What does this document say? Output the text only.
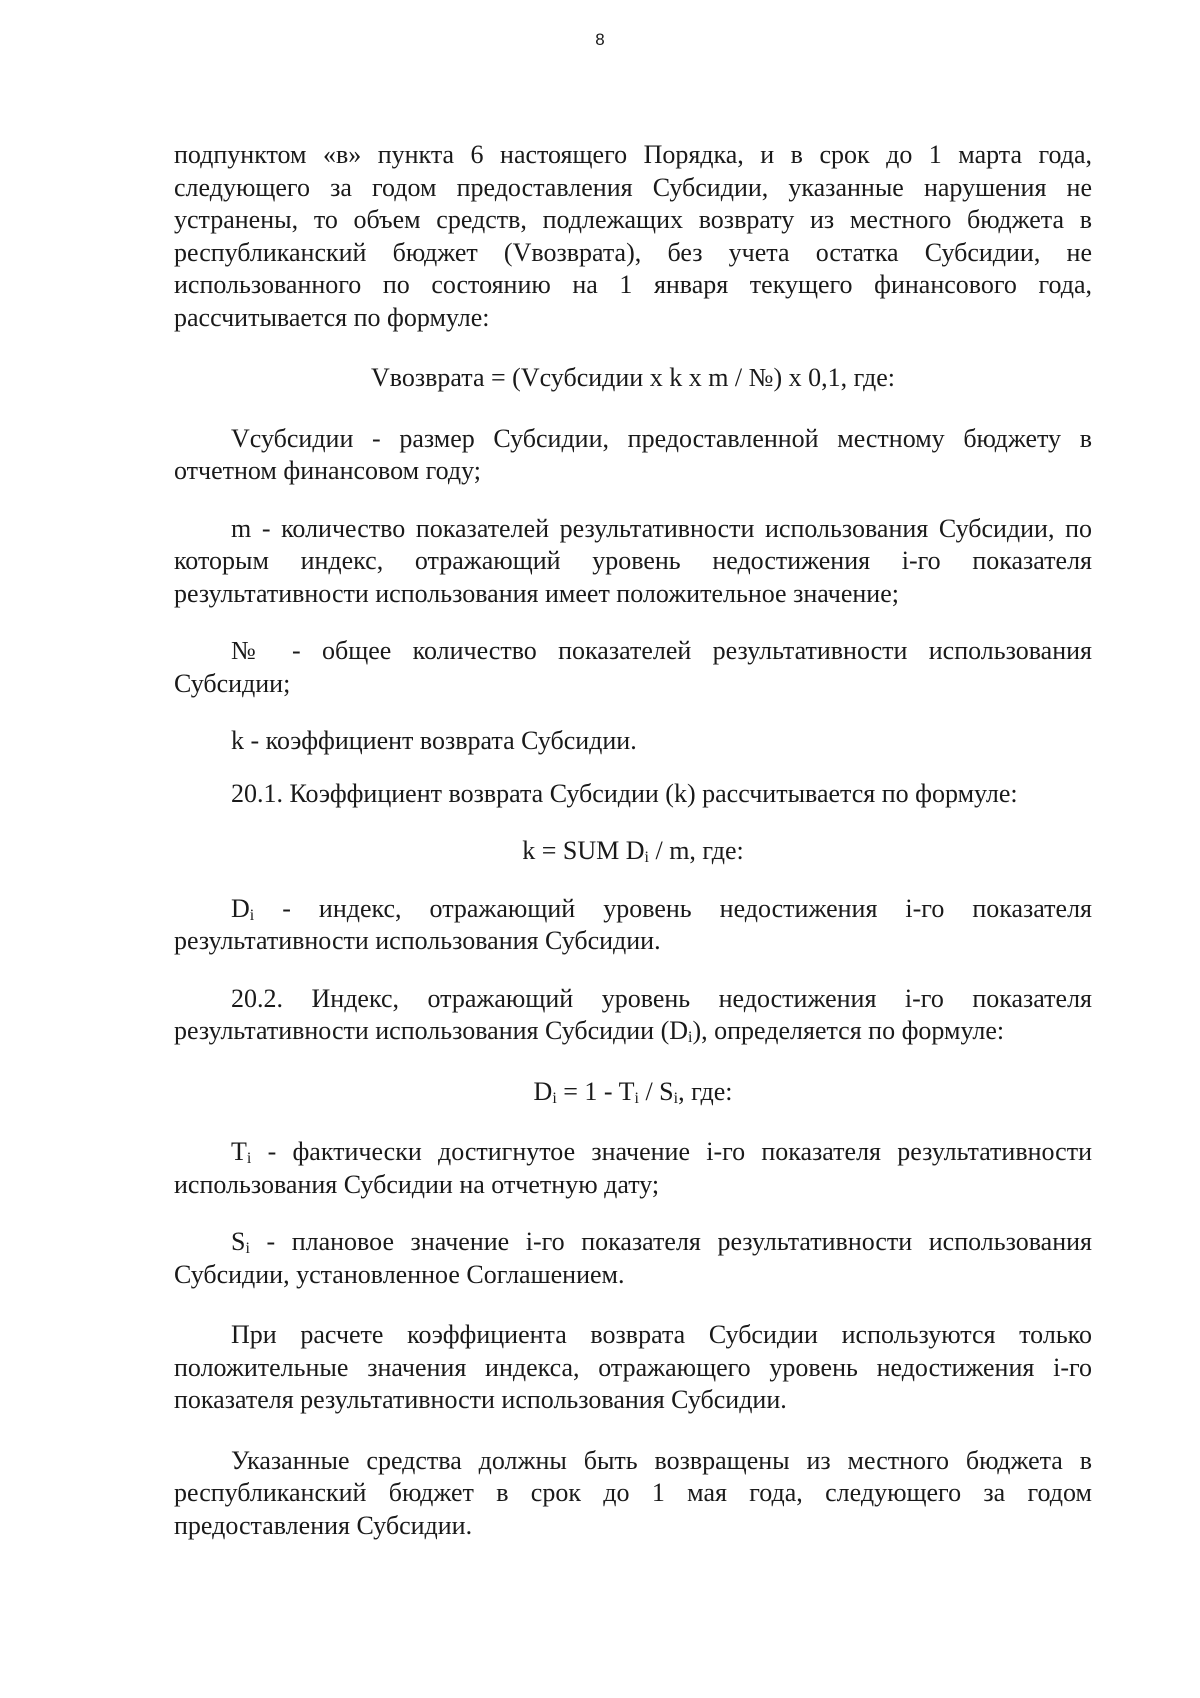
8

подпунктом «в» пункта 6 настоящего Порядка, и в срок до 1 марта года, следующего за годом предоставления Субсидии, указанные нарушения не устранены, то объем средств, подлежащих возврату из местного бюджета в республиканский бюджет (Vвозврата), без учета остатка Субсидии, не использованного по состоянию на 1 января текущего финансового года, рассчитывается по формуле:

Vвозврата = (Vсубсидии x k x m / №) x 0,1, где:

Vсубсидии - размер Субсидии, предоставленной местному бюджету в отчетном финансовом году;

m - количество показателей результативности использования Субсидии, по которым индекс, отражающий уровень недостижения i-го показателя результативности использования имеет положительное значение;

№ - общее количество показателей результативности использования Субсидии;

k - коэффициент возврата Субсидии.

20.1. Коэффициент возврата Субсидии (k) рассчитывается по формуле:

k = SUM $D_i$ / m, где:

$D_i$ - индекс, отражающий уровень недостижения i-го показателя результативности использования Субсидии.

20.2. Индекс, отражающий уровень недостижения i-го показателя результативности использования Субсидии $(D_i)$, определяется по формуле:

$D_i = 1 - T_i / S_i$, где:

$T_i$ - фактически достигнутое значение i-го показателя результативности использования Субсидии на отчетную дату;

$S_i$ - плановое значение i-го показателя результативности использования Субсидии, установленное Соглашением.

При расчете коэффициента возврата Субсидии используются только положительные значения индекса, отражающего уровень недостижения i-го показателя результативности использования Субсидии.

Указанные средства должны быть возвращены из местного бюджета в республиканский бюджет в срок до 1 мая года, следующего за годом предоставления Субсидии.
